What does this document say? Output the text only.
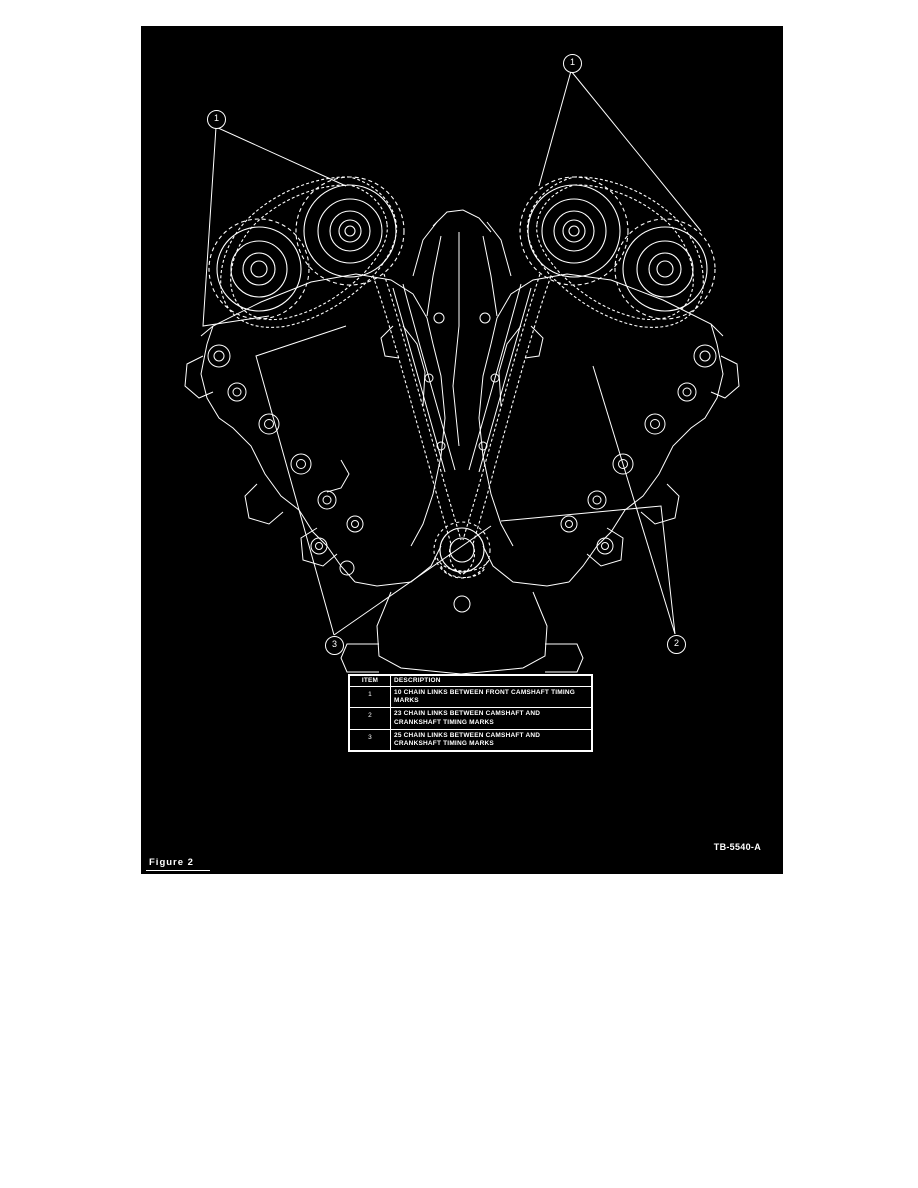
1
1
3	2
ITEM	DESCRIPTION
1	10 CHAIN LINKS BETWEEN FRONT CAMSHAFT TIMING MARKS
2	23 CHAIN LINKS BETWEEN CAMSHAFT AND CRANKSHAFT TIMING MARKS
3	25 CHAIN LINKS BETWEEN CAMSHAFT AND CRANKSHAFT TIMING MARKS
TB-5540-A
Figure 2
